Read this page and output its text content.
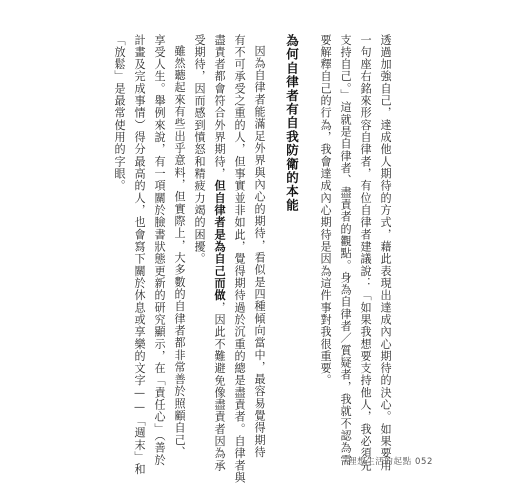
透過加強自己，達成他人期待的方式，藉此表現出達成內心期待的決心。如果要用
一句座右銘來形容自律者，有位自律者建議說：「如果我想要支持他人，我必須先
支持自己。」這就是自律者、盡責者的觀點。身為自律者／質疑者，我就不認為需
要解釋自己的行為，我會達成內心期待是因為這件事對我很重要。
為何自律者有自我防衛的本能
因為自律者能滿足外界與內心的期待，看似是四種傾向當中，最容易覺得期待
有不可承受之重的人，但事實並非如此，覺得期待過於沉重的總是盡責者。自律者與
盡責者都會符合外界期待，但自律者是為自己而做，因此不難避免像盡責者因為承
受期待，因而感到憤怒和精疲力竭的困擾。
雖然聽起來有些出乎意料，但實際上，大多數的自律者都非常善於照顧自己、
享受人生。舉例來說，有一項關於臉書狀態更新的研究顯示，在「責任心」（善於
計畫及完成事情）得分最高的人，也會寫下關於休息或享樂的文字——「週末」和
「放鬆」是最常使用的字眼。
理想生活的起點 052
